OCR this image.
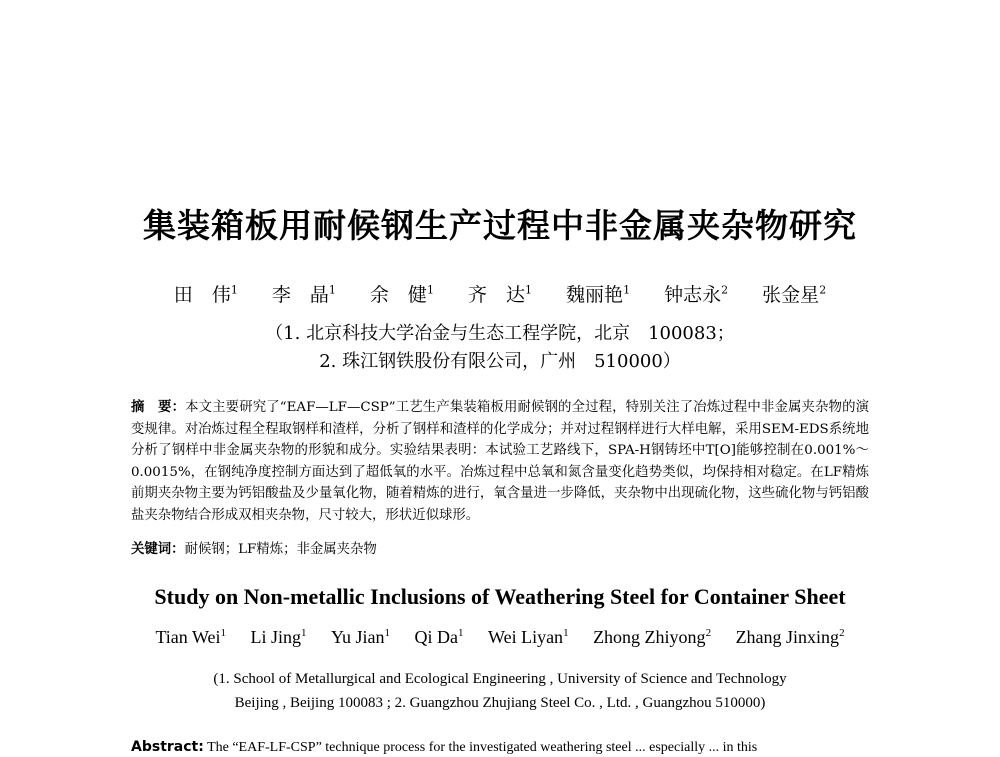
集装箱板用耐候钢生产过程中非金属夹杂物研究
田　伟$^1$ 李　晶$^1$ 余　健$^1$ 齐　达$^1$ 魏丽艳$^1$ 钟志永$^2$ 张金星$^2$
（1. 北京科技大学冶金与生态工程学院，北京　100083；
2. 珠江钢铁股份有限公司，广州　510000）
摘　要：本文主要研究了“EAF—LF—CSP”工艺生产集装箱板用耐候钢的全过程，特别关注了冶炼过程中非金属夹杂物的演变规律。对冶炼过程全程取钢样和渣样，分析了钢样和渣样的化学成分；并对过程钢样进行大样电解，采用SEM-EDS系统地分析了钢样中非金属夹杂物的形貌和成分。实验结果表明：本试验工艺路线下，SPA-H钢铸坯中T[O]能够控制在0.001%～0.0015%，在钢纯净度控制方面达到了超低氧的水平。冶炼过程中总氧和氮含量变化趋势类似，均保持相对稳定。在LF精炼前期夹杂物主要为钙铝酸盐及少量氧化物，随着精炼的进行，氧含量进一步降低，夹杂物中出现硫化物，这些硫化物与钙铝酸盐夹杂物结合形成双相夹杂物，尺寸较大，形状近似球形。
关键词：耐候钢；LF精炼；非金属夹杂物
Study on Non-metallic Inclusions of Weathering Steel for Container Sheet
Tian Wei$^1$ Li Jing$^1$ Yu Jian$^1$ Qi Da$^1$ Wei Liyan$^1$ Zhong Zhiyong$^2$ Zhang Jinxing$^2$
(1. School of Metallurgical and Ecological Engineering , University of Science and Technology
Beijing , Beijing 100083 ; 2. Guangzhou Zhujiang Steel Co. , Ltd. , Guangzhou 510000)
Abstract: The “EAF-LF-CSP” technique process for the investigated weathering steel ... especially ... in this
